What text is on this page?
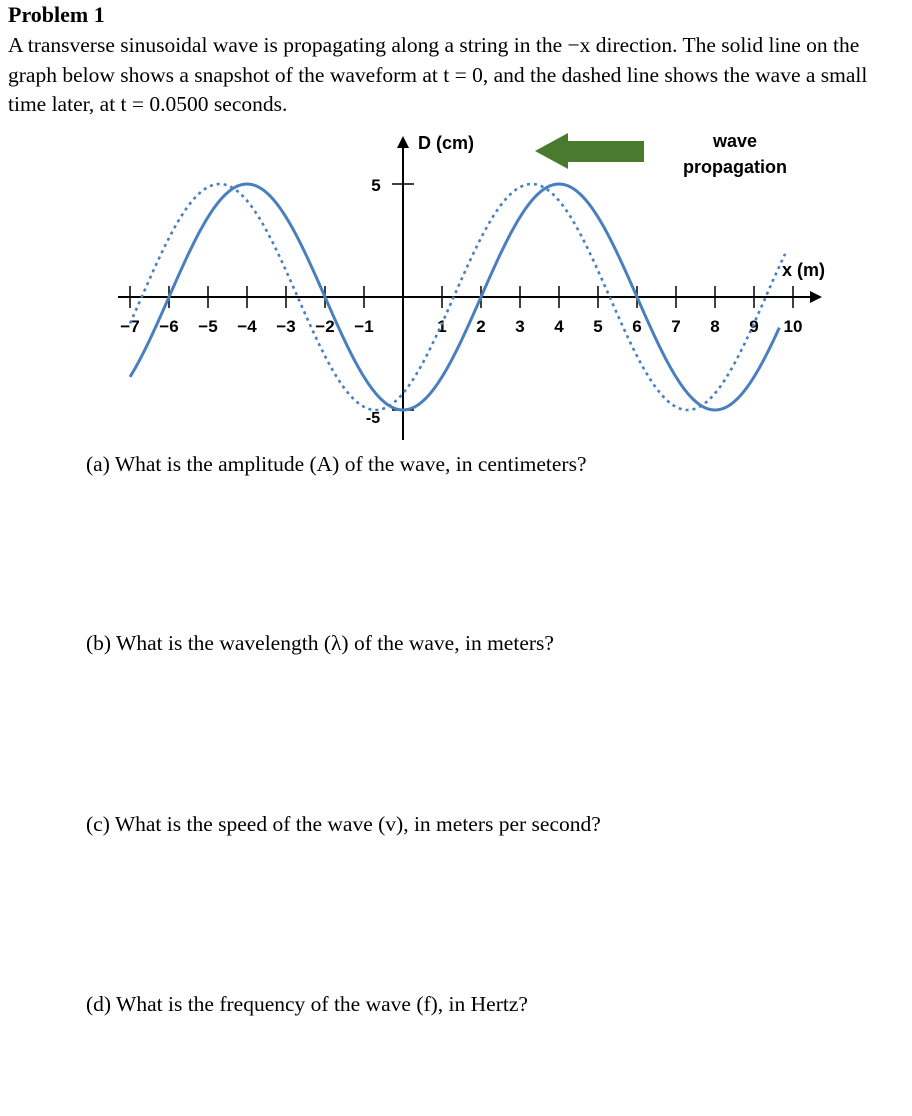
Problem 1

A transverse sinusoidal wave is propagating along a string in the −x direction. The solid line on the graph below shows a snapshot of the waveform at t = 0, and the dashed line shows the wave a small time later, at t = 0.0500 seconds.

5
-5
−7 −6 −5 −4 −3 −2 −1	1 2 3 4 5 6 7 8 9 10
D (cm)
x (m)
wave
propagation

(a) What is the amplitude (A) of the wave, in centimeters?

(b) What is the wavelength (λ) of the wave, in meters?

(c) What is the speed of the wave (v), in meters per second?

(d) What is the frequency of the wave (f), in Hertz?
